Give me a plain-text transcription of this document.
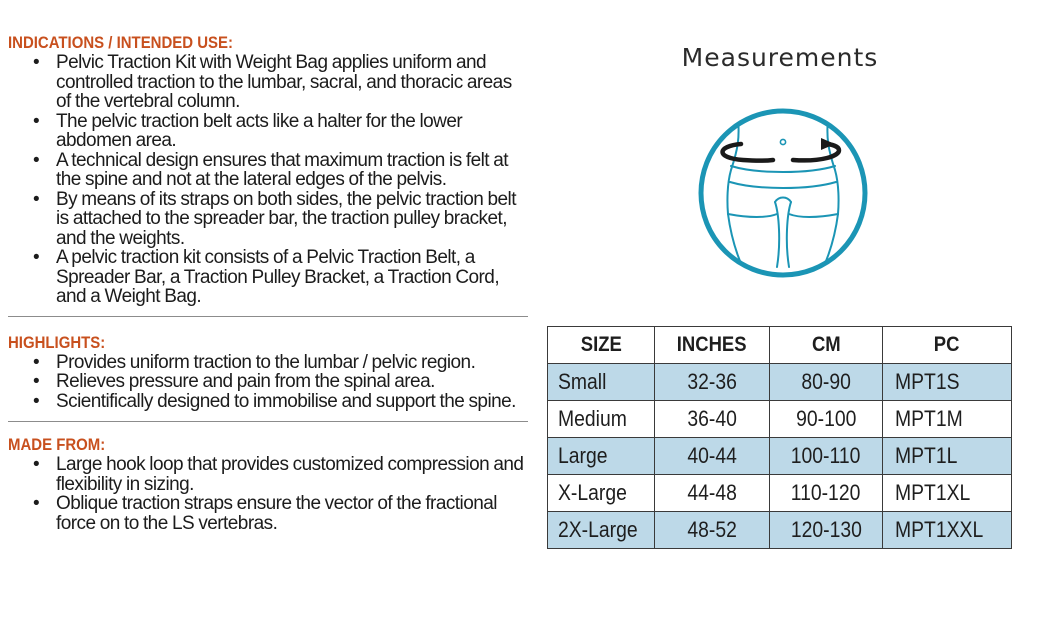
INDICATIONS / INTENDED USE:
• Pelvic Traction Kit with Weight Bag applies uniform and controlled traction to the lumbar, sacral, and thoracic areas of the vertebral column.
• The pelvic traction belt acts like a halter for the lower abdomen area.
• A technical design ensures that maximum traction is felt at the spine and not at the lateral edges of the pelvis.
• By means of its straps on both sides, the pelvic traction belt is attached to the spreader bar, the traction pulley bracket, and the weights.
• A pelvic traction kit consists of a Pelvic Traction Belt, a Spreader Bar, a Traction Pulley Bracket, a Traction Cord, and a Weight Bag.
HIGHLIGHTS:
• Provides uniform traction to the lumbar / pelvic region.
• Relieves pressure and pain from the spinal area.
• Scientifically designed to immobilise and support the spine.
MADE FROM:
• Large hook loop that provides customized compression and flexibility in sizing.
• Oblique traction straps ensure the vector of the fractional force on to the LS vertebras.
Measurements
SIZE	INCHES	CM	PC
Small	32-36	80-90	MPT1S
Medium	36-40	90-100	MPT1M
Large	40-44	100-110	MPT1L
X-Large	44-48	110-120	MPT1XL
2X-Large	48-52	120-130	MPT1XXL
